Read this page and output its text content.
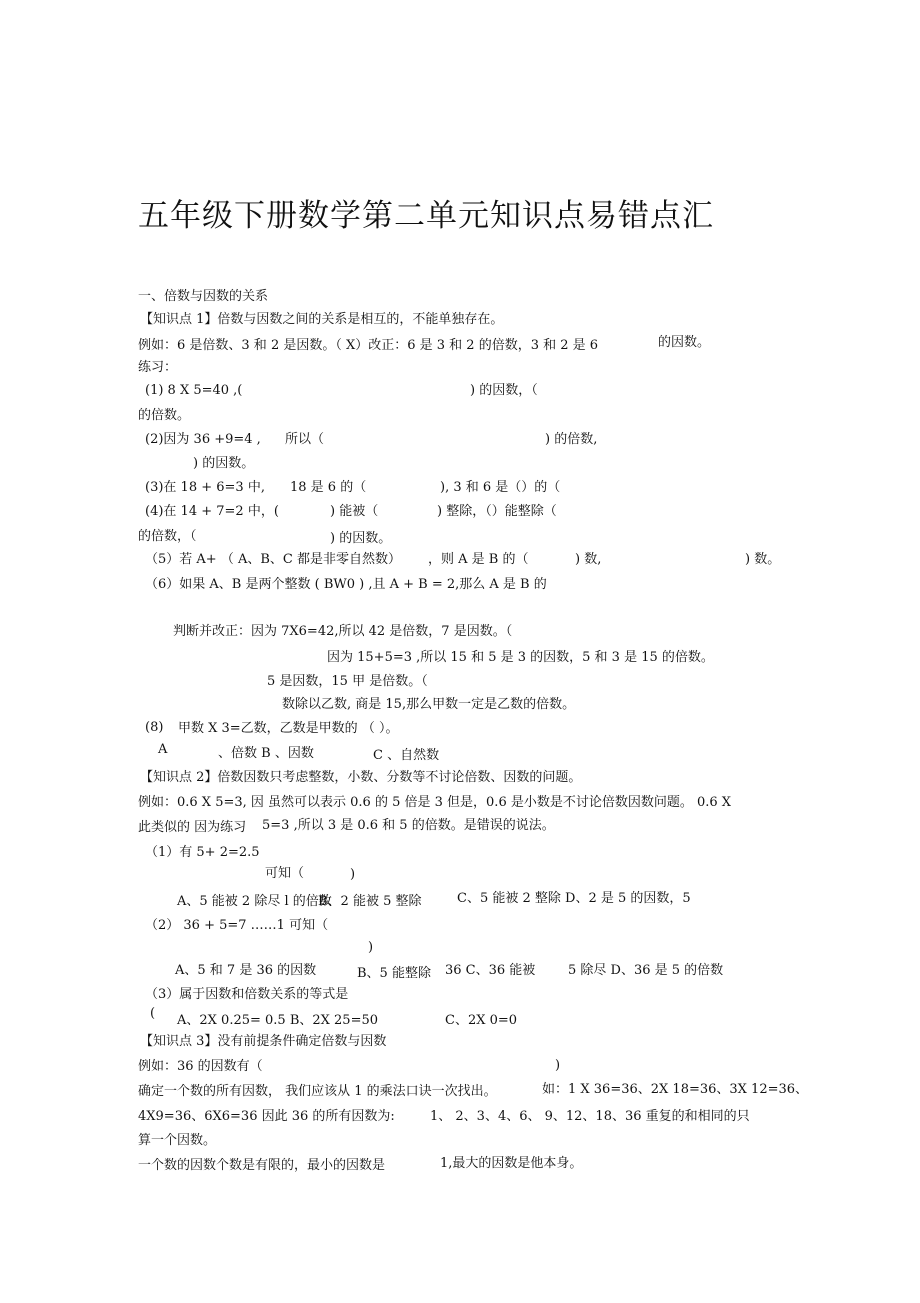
五年级下册数学第二单元知识点易错点汇
一、倍数与因数的关系
【知识点 1】倍数与因数之间的关系是相互的，不能单独存在。
例如：6 是倍数、3 和 2 是因数。（ X）改正：6 是 3 和 2 的倍数，3 和 2 是 6	的因数。
练习：
(1) 8 X 5=40 ,(	) 的因数，（
的倍数。
(2)因为 36 +9=4 , 所以（	) 的倍数,
) 的因数。
(3)在 18 + 6=3 中, 18 是 6 的（	), 3 和 6 是（）的（
(4)在 14 + 7=2 中，(	) 能被（	) 整除，（）能整除（
的倍数，（	) 的因数。
（5）若 A+ （ A、B、C 都是非零自然数） ，则 A 是 B 的（	) 数,	) 数。
（6）如果 A、B 是两个整数 ( BW0 ) ,且 A + B = 2,那么 A 是 B 的
判断并改正：因为 7X6=42,所以 42 是倍数，7 是因数。（
因为 15+5=3 ,所以 15 和 5 是 3 的因数，5 和 3 是 15 的倍数。
5 是因数，15 甲 是倍数。（
数除以乙数, 商是 15,那么甲数一定是乙数的倍数。
(8) 甲数 X 3=乙数，乙数是甲数的 （ ）。
A	、倍数 B 、因数	C 、自然数
【知识点 2】倍数因数只考虑整数，小数、分数等不讨论倍数、因数的问题。
例如：0.6 X 5=3, 因 虽然可以表示 0.6 的 5 倍是 3 但是，0.6 是小数是不讨论倍数因数问题。 0.6 X
此类似的 因为练习 5=3 ,所以 3 是 0.6 和 5 的倍数。是错误的说法。
（1）有 5+ 2=2.5
可知（	)
A、5 能被 2 除尽 l 的倍数
B、2 能被 5 整除	C、5 能被 2 整除 D、2 是 5 的因数，5
（2） 36 + 5=7 ……1 可知（
)
A、5 和 7 是 36 的因数	B、5 能整除 36 C、36 能被	5 除尽 D、36 是 5 的倍数
（3）属于因数和倍数关系的等式是
( A、2X 0.25= 0.5 B、2X 25=50	C、2X 0=0
【知识点 3】没有前提条件确定倍数与因数
例如：36 的因数有（	)
确定一个数的所有因数， 我们应该从 1 的乘法口诀一次找出。	如：1 X 36=36、2X 18=36、3X 12=36、
4X9=36、6X6=36 因此 36 的所有因数为:	1、 2、3、4、6、 9、12、18、36 重复的和相同的只
算一个因数。
一个数的因数个数是有限的，最小的因数是	1,最大的因数是他本身。
